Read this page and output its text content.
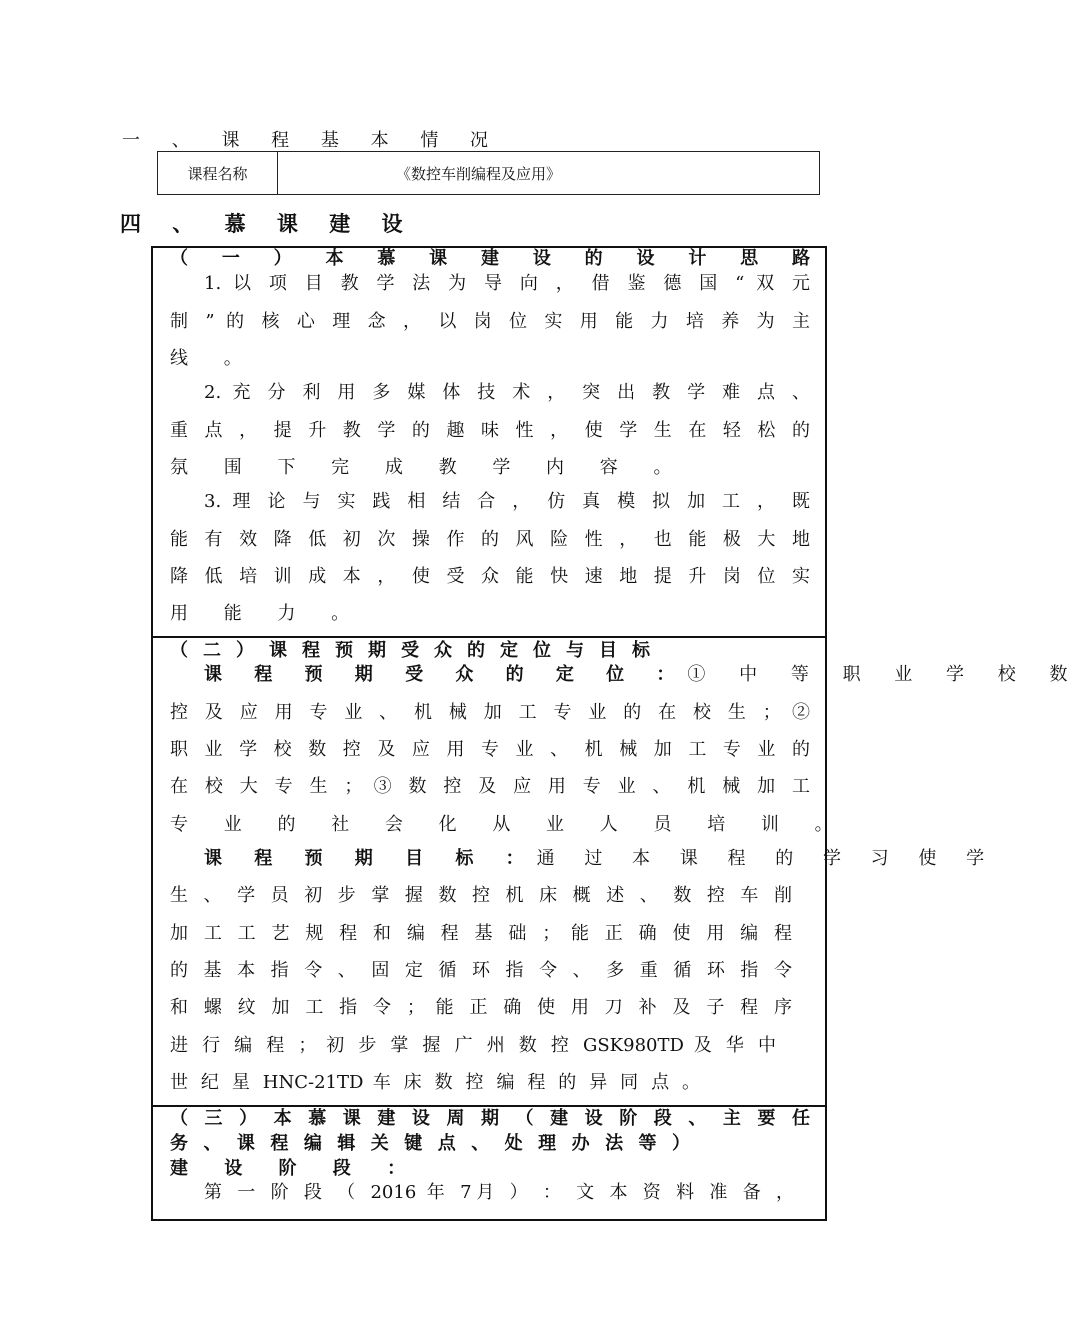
一 、 课 程 基 本 情 况
课程名称	《数控车削编程及应用》
四 、 慕 课 建 设
（ 一 ） 本 慕 课 建 设 的 设 计 思 路
1. 以 项 目 教 学 法 为 导 向 ， 借 鉴 德 国 “ 双 元
制 ” 的 核 心 理 念 ， 以 岗 位 实 用 能 力 培 养 为 主
线 。
2. 充 分 利 用 多 媒 体 技 术 ， 突 出 教 学 难 点 、
重 点 ， 提 升 教 学 的 趣 味 性 ， 使 学 生 在 轻 松 的
氛 围 下 完 成 教 学 内 容 。
3. 理 论 与 实 践 相 结 合 ， 仿 真 模 拟 加 工 ， 既
能 有 效 降 低 初 次 操 作 的 风 险 性 ， 也 能 极 大 地
降 低 培 训 成 本 ， 使 受 众 能 快 速 地 提 升 岗 位 实
用 能 力 。
（ 二 ） 课 程 预 期 受 众 的 定 位 与 目 标
课 程 预 期 受 众 的 定 位 ： ① 中 等 职 业 学 校 数
控 及 应 用 专 业 、 机 械 加 工 专 业 的 在 校 生 ； ②
职 业 学 校 数 控 及 应 用 专 业 、 机 械 加 工 专 业 的
在 校 大 专 生 ； ③ 数 控 及 应 用 专 业 、 机 械 加 工
专 业 的 社 会 化 从 业 人 员 培 训 。
课 程 预 期 目 标 ： 通 过 本 课 程 的 学 习 使 学
生 、 学 员 初 步 掌 握 数 控 机 床 概 述 、 数 控 车 削
加 工 工 艺 规 程 和 编 程 基 础 ； 能 正 确 使 用 编 程
的 基 本 指 令 、 固 定 循 环 指 令 、 多 重 循 环 指 令
和 螺 纹 加 工 指 令 ； 能 正 确 使 用 刀 补 及 子 程 序
进 行 编 程 ； 初 步 掌 握 广 州 数 控 GSK980TD 及 华 中
世 纪 星 HNC-21TD 车 床 数 控 编 程 的 异 同 点 。
（ 三 ） 本 慕 课 建 设 周 期 （ 建 设 阶 段 、 主 要 任
务 、 课 程 编 辑 关 键 点 、 处 理 办 法 等 ）
建 设 阶 段 ：
第 一 阶 段 （ 2016 年 7月 ） ： 文 本 资 料 准 备 ，
